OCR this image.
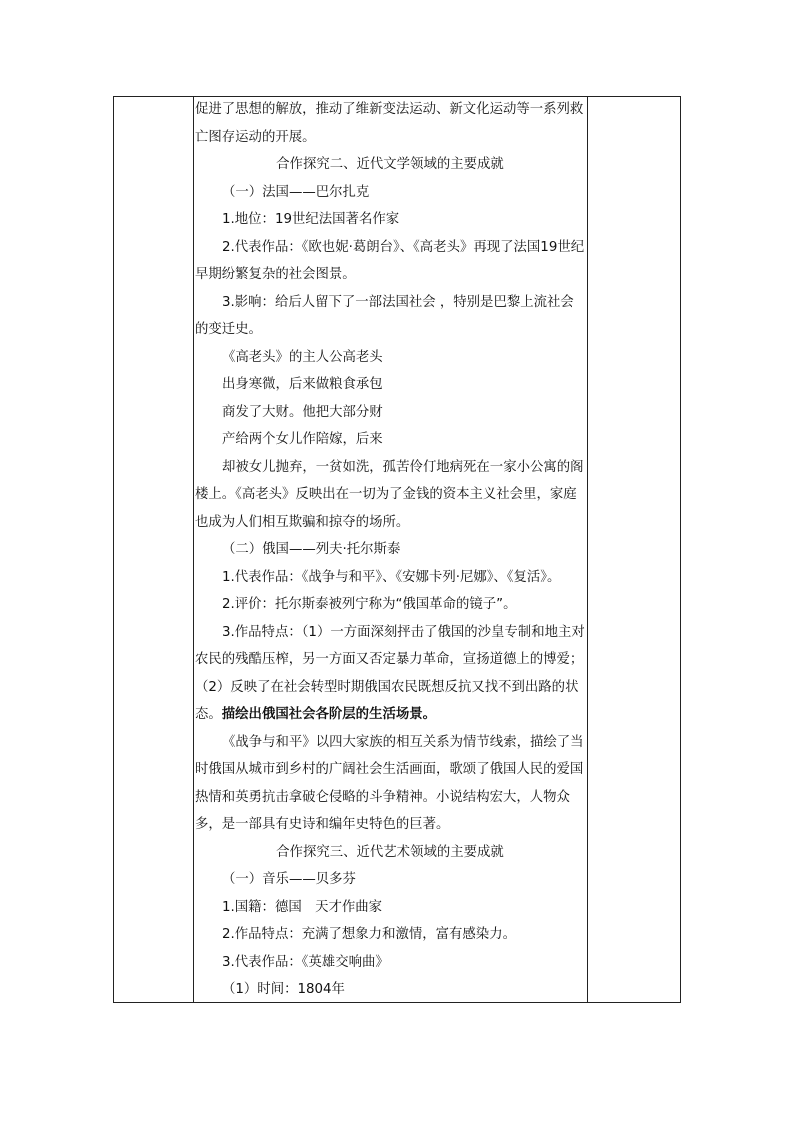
促进了思想的解放，推动了维新变法运动、新文化运动等一系列救亡图存运动的开展。

合作探究二、近代文学领域的主要成就

（一）法国——巴尔扎克

1.地位：19世纪法国著名作家

2.代表作品：《欧也妮·葛朗台》、《高老头》再现了法国19世纪早期纷繁复杂的社会图景。

3.影响：给后人留下了一部法国社会 ，特别是巴黎上流社会的变迁史。

《高老头》的主人公高老头

出身寒微，后来做粮食承包

商发了大财。他把大部分财

产给两个女儿作陪嫁，后来

却被女儿抛弃，一贫如洗，孤苦伶仃地病死在一家小公寓的阁楼上。《高老头》反映出在一切为了金钱的资本主义社会里，家庭也成为人们相互欺骗和掠夺的场所。

（二）俄国——列夫·托尔斯泰

1.代表作品：《战争与和平》、《安娜卡列·尼娜》、《复活》。

2.评价：托尔斯泰被列宁称为“俄国革命的镜子”。

3.作品特点：（1）一方面深刻抨击了俄国的沙皇专制和地主对农民的残酷压榨，另一方面又否定暴力革命，宣扬道德上的博爱；（2）反映了在社会转型时期俄国农民既想反抗又找不到出路的状态。描绘出俄国社会各阶层的生活场景。

《战争与和平》以四大家族的相互关系为情节线索，描绘了当时俄国从城市到乡村的广阔社会生活画面，歌颂了俄国人民的爱国热情和英勇抗击拿破仑侵略的斗争精神。小说结构宏大，人物众多，是一部具有史诗和编年史特色的巨著。

合作探究三、近代艺术领域的主要成就

（一）音乐——贝多芬

1.国籍：德国　天才作曲家

2.作品特点：充满了想象力和激情，富有感染力。

3.代表作品：《英雄交响曲》

（1）时间：1804年
